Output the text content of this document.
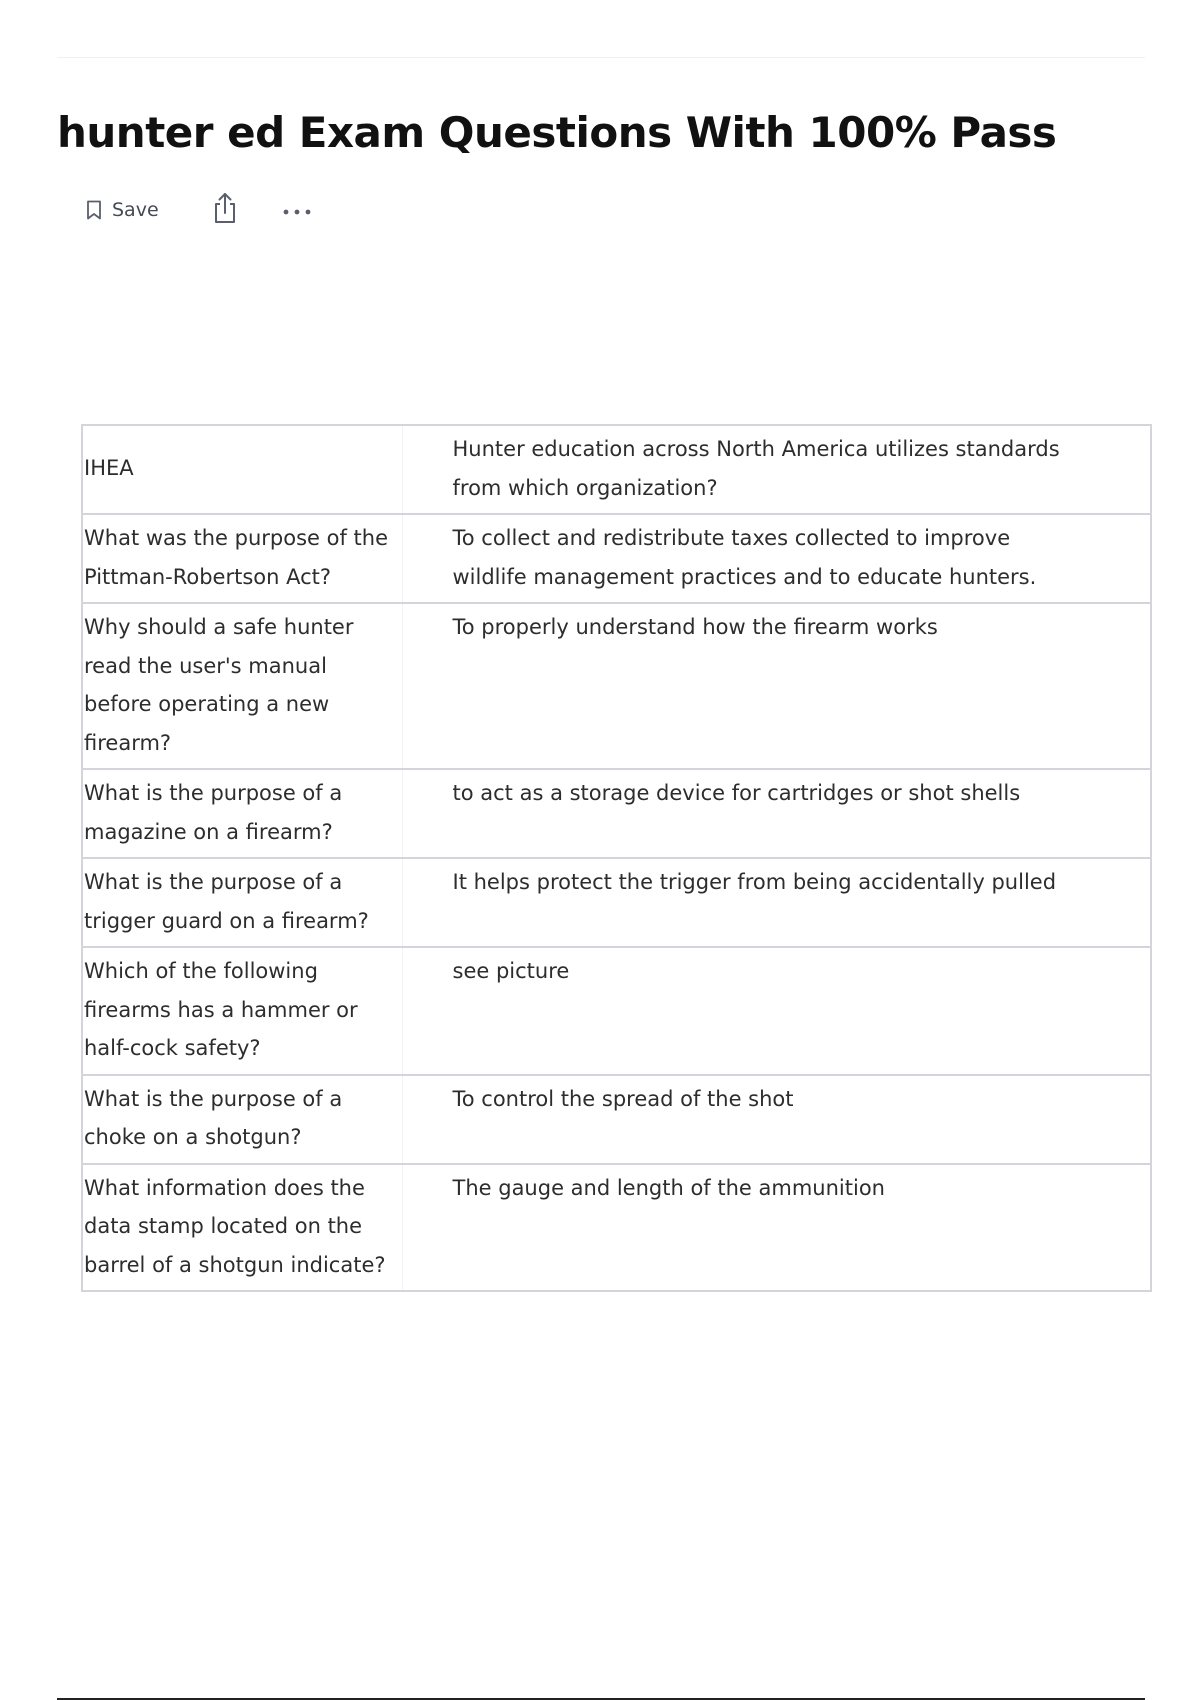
hunter ed Exam Questions With 100% Pass
Save
IHEA	Hunter education across North America utilizes standards from which organization?
What was the purpose of the Pittman-Robertson Act?	To collect and redistribute taxes collected to improve wildlife management practices and to educate hunters.
Why should a safe hunter read the user's manual before operating a new firearm?	To properly understand how the firearm works
What is the purpose of a magazine on a firearm?	to act as a storage device for cartridges or shot shells
What is the purpose of a trigger guard on a firearm?	It helps protect the trigger from being accidentally pulled
Which of the following firearms has a hammer or half-cock safety?	see picture
What is the purpose of a choke on a shotgun?	To control the spread of the shot
What information does the data stamp located on the barrel of a shotgun indicate?	The gauge and length of the ammunition
